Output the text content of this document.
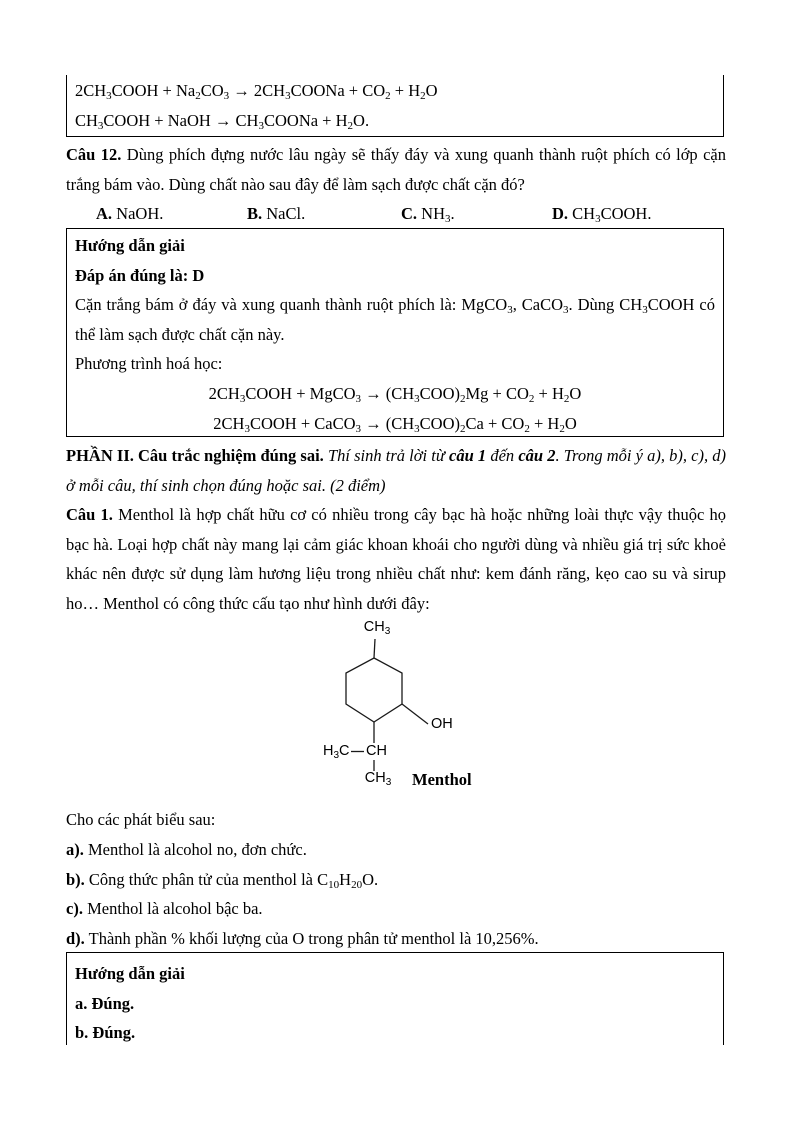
$2CH_3COOH + Na_2CO_3$ → $2CH_3COONa + CO_2 + H_2O$
$CH_3COOH$ + NaOH → $CH_3COONa + H_2O$.
Câu 12. Dùng phích đựng nước lâu ngày sẽ thấy đáy và xung quanh thành ruột phích có lớp cặn trắng bám vào. Dùng chất nào sau đây để làm sạch được chất cặn đó?
A. NaOH.	B. NaCl.	C. $NH_3$.	D. $CH_3COOH$.
Hướng dẫn giải
Đáp án đúng là: D
Cặn trắng bám ở đáy và xung quanh thành ruột phích là: MgCO$_3$, CaCO$_3$. Dùng $CH_3COOH$ có thể làm sạch được chất cặn này.
Phương trình hoá học:
$2CH_3COOH$ + MgCO$_3$ → $(CH_3COO)_2Mg + CO_2 + H_2O$
$2CH_3COOH$ + CaCO$_3$ → $(CH_3COO)_2Ca + CO_2 + H_2O$
PHẦN II. Câu trắc nghiệm đúng sai. Thí sinh trả lời từ câu 1 đến câu 2. Trong mỗi ý a), b), c), d) ở mỗi câu, thí sinh chọn đúng hoặc sai. (2 điểm)
Câu 1. Menthol là hợp chất hữu cơ có nhiều trong cây bạc hà hoặc những loài thực vậy thuộc họ bạc hà. Loại hợp chất này mang lại cảm giác khoan khoái cho người dùng và nhiều giá trị sức khoẻ khác nên được sử dụng làm hương liệu trong nhiều chất như: kem đánh răng, kẹo cao su và sirup ho… Menthol có công thức cấu tạo như hình dưới đây:
$CH_3$
OH
$H_3C$ CH
$CH_3$ Menthol
Cho các phát biểu sau:
a). Menthol là alcohol no, đơn chức.
b). Công thức phân tử của menthol là $C_{10}H_{20}O$.
c). Menthol là alcohol bậc ba.
d). Thành phần % khối lượng của O trong phân tử menthol là 10,256%.
Hướng dẫn giải
a. Đúng.
b. Đúng.
